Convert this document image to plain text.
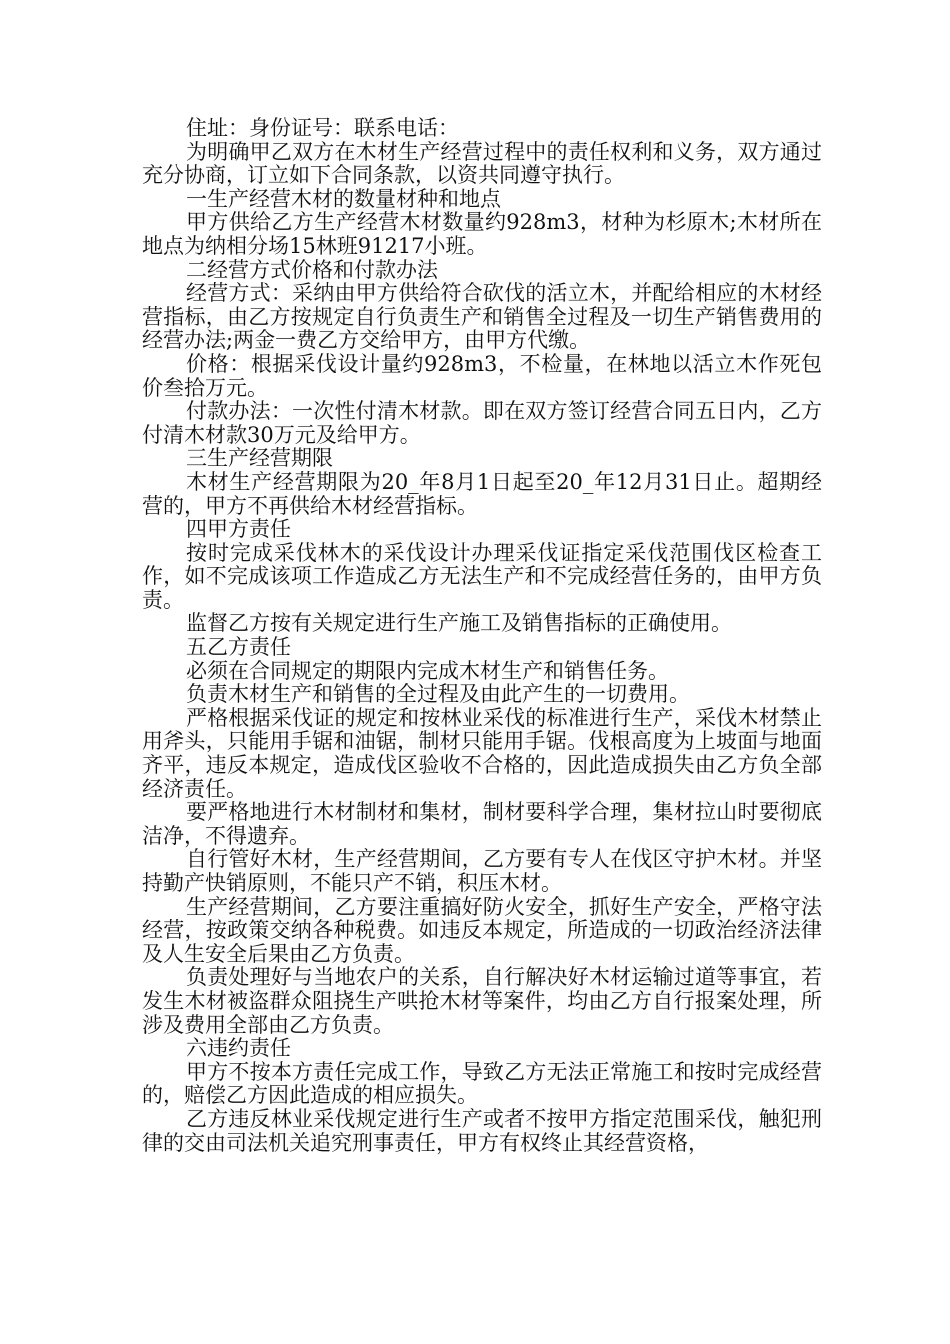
住址：身份证号：联系电话：

为明确甲乙双方在木材生产经营过程中的责任权利和义务，双方通过充分协商，订立如下合同条款，以资共同遵守执行。

一生产经营木材的数量材种和地点

甲方供给乙方生产经营木材数量约928m3，材种为杉原木;木材所在地点为纳相分场15林班91217小班。

二经营方式价格和付款办法

经营方式：采纳由甲方供给符合砍伐的活立木，并配给相应的木材经营指标，由乙方按规定自行负责生产和销售全过程及一切生产销售费用的经营办法;两金一费乙方交给甲方，由甲方代缴。

价格：根据采伐设计量约928m3，不检量，在林地以活立木作死包价叁拾万元。

付款办法：一次性付清木材款。即在双方签订经营合同五日内，乙方付清木材款30万元及给甲方。

三生产经营期限

木材生产经营期限为20_年8月1日起至20_年12月31日止。超期经营的，甲方不再供给木材经营指标。

四甲方责任

按时完成采伐林木的采伐设计办理采伐证指定采伐范围伐区检查工作，如不完成该项工作造成乙方无法生产和不完成经营任务的，由甲方负责。

监督乙方按有关规定进行生产施工及销售指标的正确使用。

五乙方责任

必须在合同规定的期限内完成木材生产和销售任务。

负责木材生产和销售的全过程及由此产生的一切费用。

严格根据采伐证的规定和按林业采伐的标准进行生产，采伐木材禁止用斧头，只能用手锯和油锯，制材只能用手锯。伐根高度为上坡面与地面齐平，违反本规定，造成伐区验收不合格的，因此造成损失由乙方负全部经济责任。

要严格地进行木材制材和集材，制材要科学合理，集材拉山时要彻底洁净，不得遗弃。

自行管好木材，生产经营期间，乙方要有专人在伐区守护木材。并坚持勤产快销原则，不能只产不销，积压木材。

生产经营期间，乙方要注重搞好防火安全，抓好生产安全，严格守法经营，按政策交纳各种税费。如违反本规定，所造成的一切政治经济法律及人生安全后果由乙方负责。

负责处理好与当地农户的关系，自行解决好木材运输过道等事宜，若发生木材被盗群众阻挠生产哄抢木材等案件，均由乙方自行报案处理，所涉及费用全部由乙方负责。

六违约责任

甲方不按本方责任完成工作，导致乙方无法正常施工和按时完成经营的，赔偿乙方因此造成的相应损失。

乙方违反林业采伐规定进行生产或者不按甲方指定范围采伐，触犯刑律的交由司法机关追究刑事责任，甲方有权终止其经营资格，
